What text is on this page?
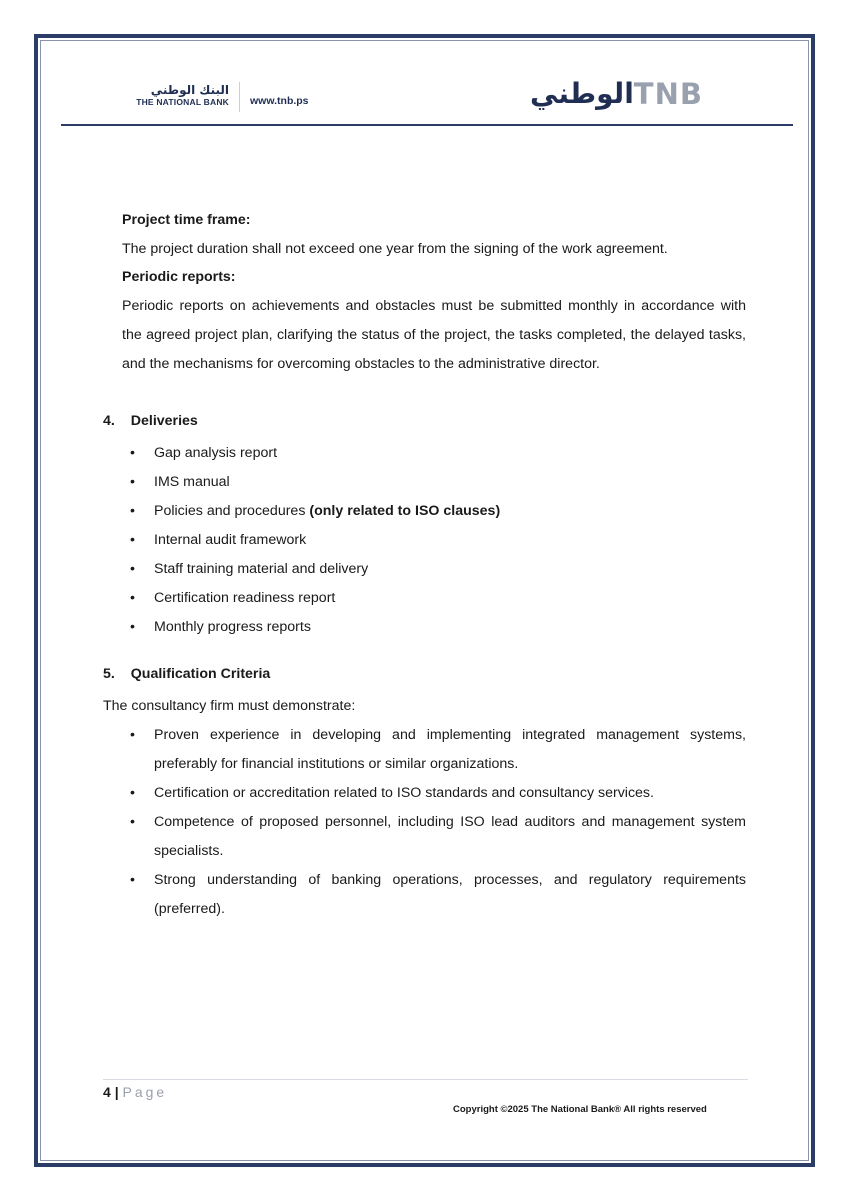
البنك الوطني
THE NATIONAL BANK www.tnb.ps	الوطني TNB
Project time frame:
The project duration shall not exceed one year from the signing of the work agreement.
Periodic reports:
Periodic reports on achievements and obstacles must be submitted monthly in accordance with
the agreed project plan, clarifying the status of the project, the tasks completed, the delayed tasks,
and the mechanisms for overcoming obstacles to the administrative director.
4. Deliveries
• Gap analysis report
• IMS manual
• Policies and procedures (only related to ISO clauses)
• Internal audit framework
• Staff training material and delivery
• Certification readiness report
• Monthly progress reports
5. Qualification Criteria
The consultancy firm must demonstrate:
• Proven experience in developing and implementing integrated management systems,
preferably for financial institutions or similar organizations.
• Certification or accreditation related to ISO standards and consultancy services.
• Competence of proposed personnel, including ISO lead auditors and management system
specialists.
• Strong understanding of banking operations, processes, and regulatory requirements
(preferred).
4 | Page
Copyright ©2025 The National Bank® All rights reserved
